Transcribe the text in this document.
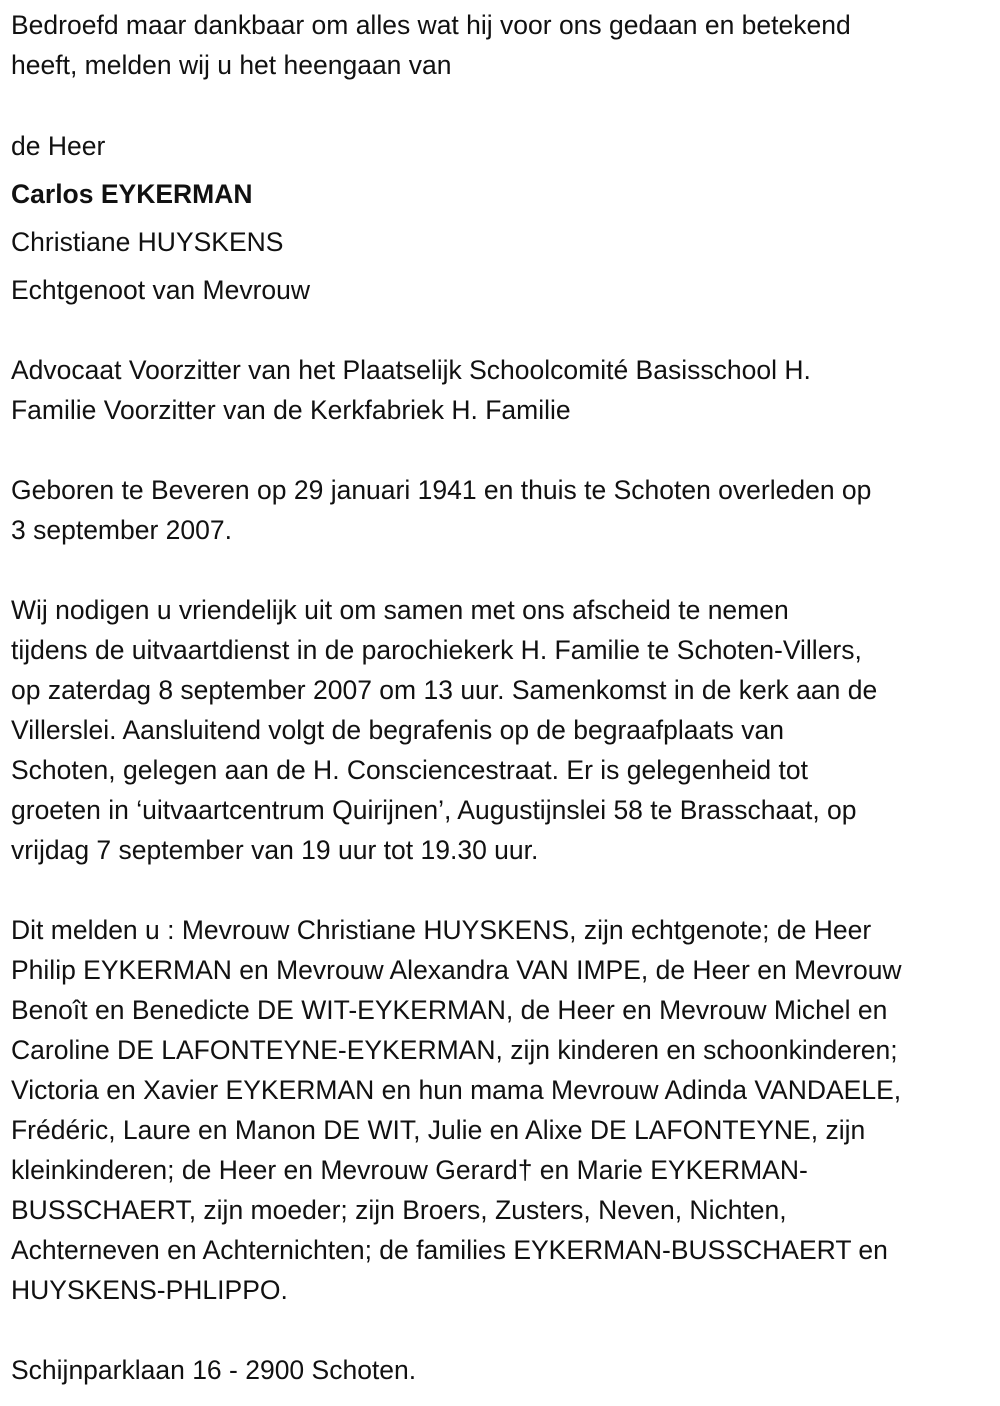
Bedroefd maar dankbaar om alles wat hij voor ons gedaan en betekend
heeft, melden wij u het heengaan van
de Heer
Carlos EYKERMAN
Christiane HUYSKENS
Echtgenoot van Mevrouw
Advocaat Voorzitter van het Plaatselijk Schoolcomité Basisschool H.
Familie Voorzitter van de Kerkfabriek H. Familie
Geboren te Beveren op 29 januari 1941 en thuis te Schoten overleden op
3 september 2007.
Wij nodigen u vriendelijk uit om samen met ons afscheid te nemen
tijdens de uitvaartdienst in de parochiekerk H. Familie te Schoten-Villers,
op zaterdag 8 september 2007 om 13 uur. Samenkomst in de kerk aan de
Villerslei. Aansluitend volgt de begrafenis op de begraafplaats van
Schoten, gelegen aan de H. Consciencestraat. Er is gelegenheid tot
groeten in ‘uitvaartcentrum Quirijnen’, Augustijnslei 58 te Brasschaat, op
vrijdag 7 september van 19 uur tot 19.30 uur.
Dit melden u : Mevrouw Christiane HUYSKENS, zijn echtgenote; de Heer
Philip EYKERMAN en Mevrouw Alexandra VAN IMPE, de Heer en Mevrouw
Benoît en Benedicte DE WIT-EYKERMAN, de Heer en Mevrouw Michel en
Caroline DE LAFONTEYNE-EYKERMAN, zijn kinderen en schoonkinderen;
Victoria en Xavier EYKERMAN en hun mama Mevrouw Adinda VANDAELE,
Frédéric, Laure en Manon DE WIT, Julie en Alixe DE LAFONTEYNE, zijn
kleinkinderen; de Heer en Mevrouw Gerard† en Marie EYKERMAN-
BUSSCHAERT, zijn moeder; zijn Broers, Zusters, Neven, Nichten,
Achterneven en Achternichten; de families EYKERMAN-BUSSCHAERT en
HUYSKENS-PHLIPPO.
Schijnparklaan 16 - 2900 Schoten.
